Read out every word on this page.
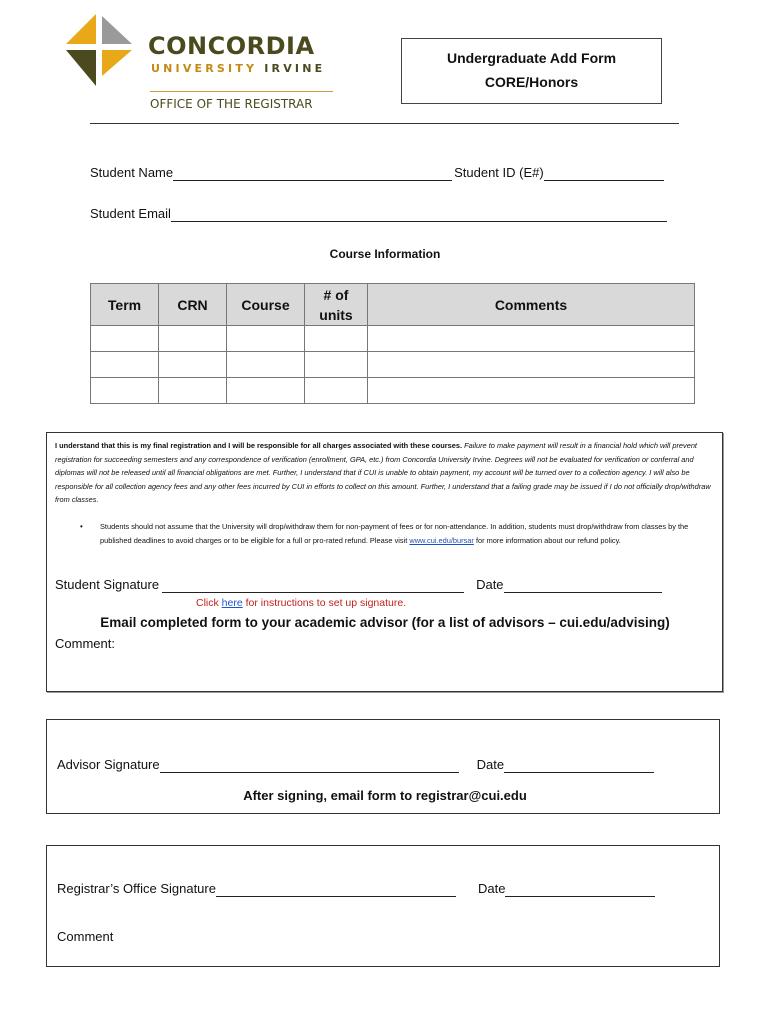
CONCORDIA
UNIVERSITY IRVINE
OFFICE OF THE REGISTRAR
Undergraduate Add Form
CORE/Honors
Student Name	Student ID (E#)
Student Email
Course Information
Term	CRN	Course	# of units	Comments

I understand that this is my final registration and I will be responsible for all charges associated with these courses. Failure to make payment will result in a financial hold which will prevent registration for succeeding semesters and any correspondence of verification (enrollment, GPA, etc.) from Concordia University Irvine. Degrees will not be evaluated for verification or conferral and diplomas will not be released until all financial obligations are met. Further, I understand that if CUI is unable to obtain payment, my account will be turned over to a collection agency. I will also be responsible for all collection agency fees and any other fees incurred by CUI in efforts to collect on this amount. Further, I understand that a failing grade may be issued if I do not officially drop/withdraw from classes.
• Students should not assume that the University will drop/withdraw them for non-payment of fees or for non-attendance. In addition, students must drop/withdraw from classes by the published deadlines to avoid charges or to be eligible for a full or pro-rated refund. Please visit www.cui.edu/bursar for more information about our refund policy.
Student Signature	Date
Click here for instructions to set up signature.
Email completed form to your academic advisor (for a list of advisors – cui.edu/advising)
Comment:
Advisor Signature	Date
After signing, email form to registrar@cui.edu
Registrar’s Office Signature	Date
Comment
